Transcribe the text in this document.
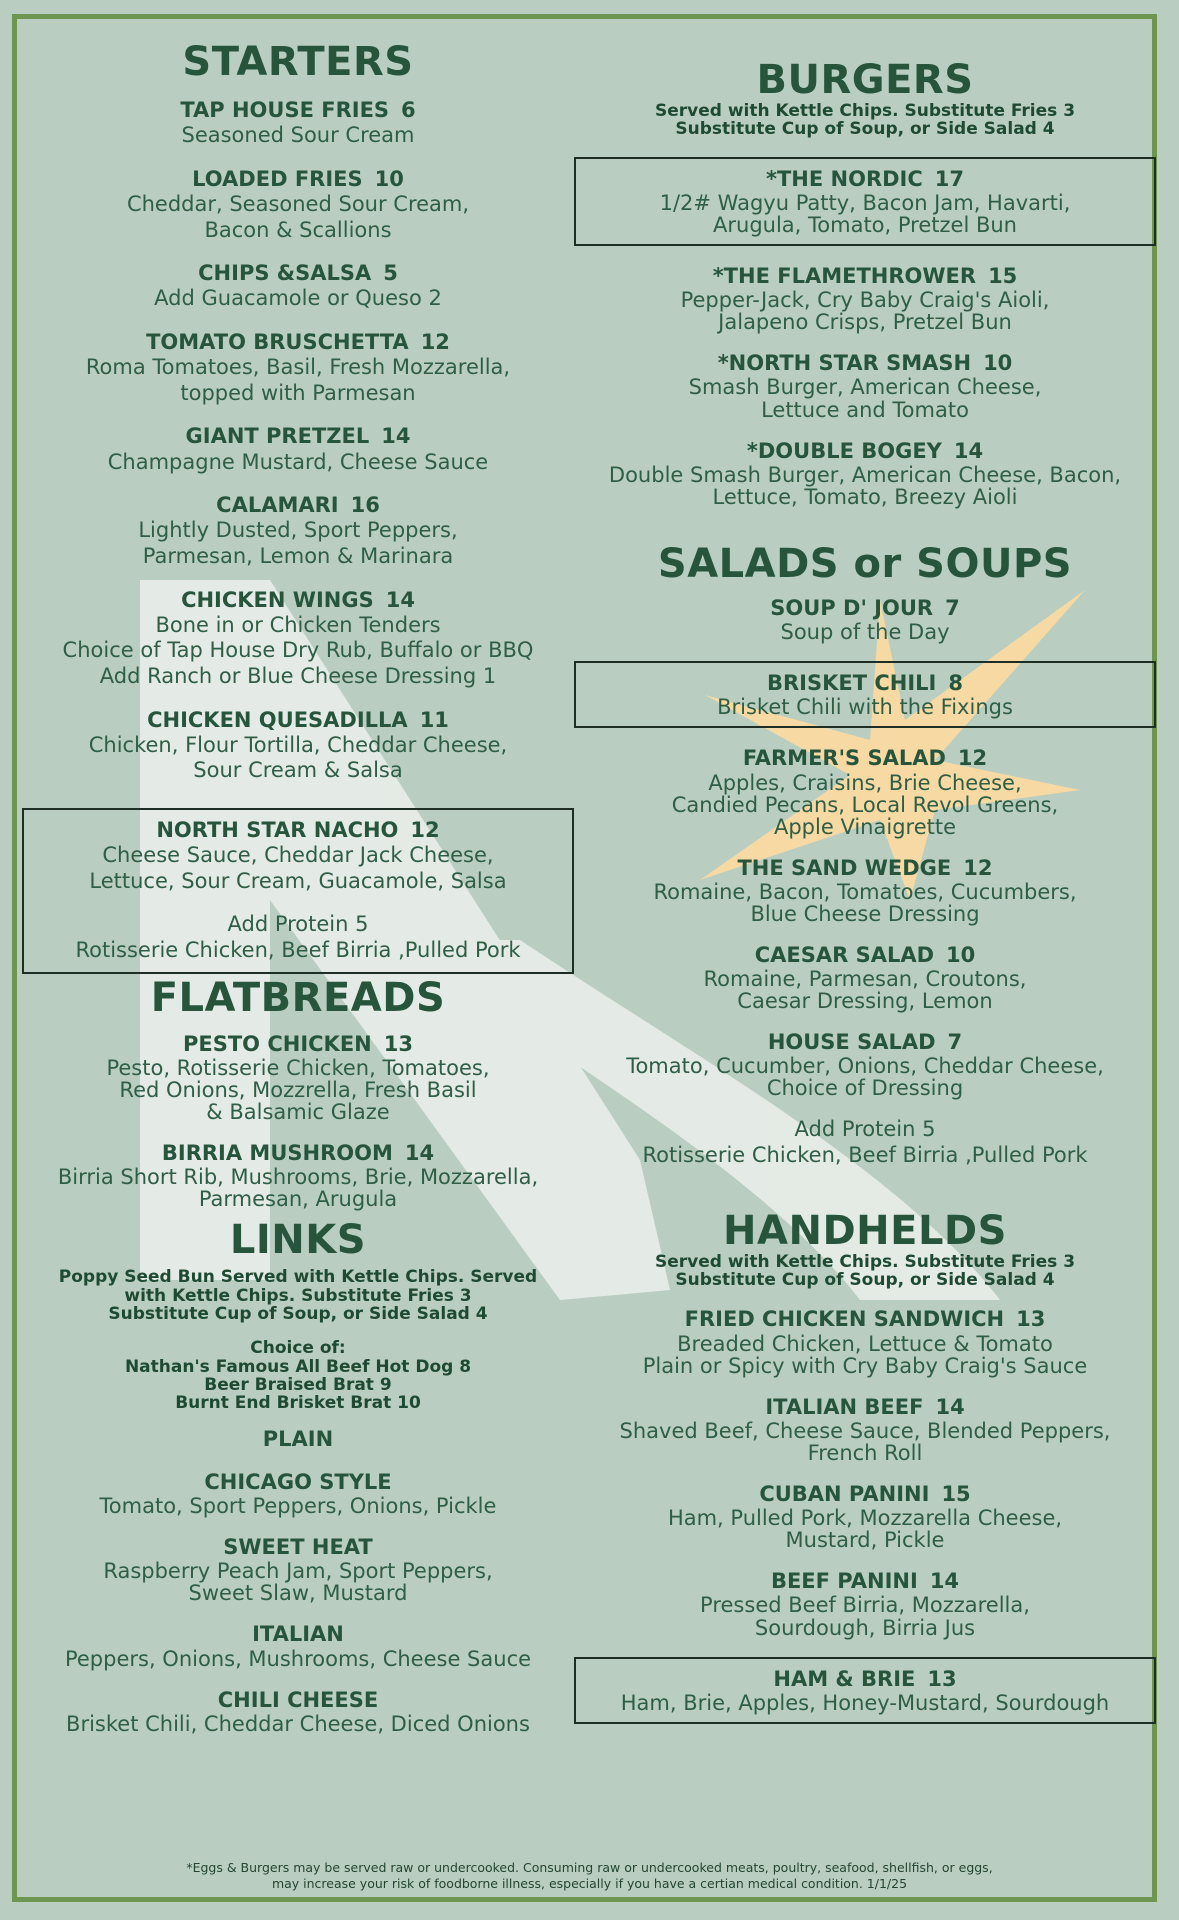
STARTERS
TAP HOUSE FRIES 6
Seasoned Sour Cream
LOADED FRIES 10
Cheddar, Seasoned Sour Cream,
Bacon & Scallions
CHIPS &SALSA 5
Add Guacamole or Queso 2
TOMATO BRUSCHETTA 12
Roma Tomatoes, Basil, Fresh Mozzarella,
topped with Parmesan
GIANT PRETZEL 14
Champagne Mustard, Cheese Sauce
CALAMARI 16
Lightly Dusted, Sport Peppers,
Parmesan, Lemon & Marinara
CHICKEN WINGS 14
Bone in or Chicken Tenders
Choice of Tap House Dry Rub, Buffalo or BBQ
Add Ranch or Blue Cheese Dressing 1
CHICKEN QUESADILLA 11
Chicken, Flour Tortilla, Cheddar Cheese,
Sour Cream & Salsa
NORTH STAR NACHO 12
Cheese Sauce, Cheddar Jack Cheese,
Lettuce, Sour Cream, Guacamole, Salsa
Add Protein 5
Rotisserie Chicken, Beef Birria ,Pulled Pork
FLATBREADS
PESTO CHICKEN 13
Pesto, Rotisserie Chicken, Tomatoes,
Red Onions, Mozzrella, Fresh Basil
& Balsamic Glaze
BIRRIA MUSHROOM 14
Birria Short Rib, Mushrooms, Brie, Mozzarella,
Parmesan, Arugula
LINKS
Poppy Seed Bun Served with Kettle Chips. Served
with Kettle Chips. Substitute Fries 3
Substitute Cup of Soup, or Side Salad 4
Choice of:
Nathan's Famous All Beef Hot Dog 8
Beer Braised Brat 9
Burnt End Brisket Brat 10
PLAIN
CHICAGO STYLE
Tomato, Sport Peppers, Onions, Pickle
SWEET HEAT
Raspberry Peach Jam, Sport Peppers,
Sweet Slaw, Mustard
ITALIAN
Peppers, Onions, Mushrooms, Cheese Sauce
CHILI CHEESE
Brisket Chili, Cheddar Cheese, Diced Onions
BURGERS
Served with Kettle Chips. Substitute Fries 3
Substitute Cup of Soup, or Side Salad 4
*THE NORDIC 17
1/2# Wagyu Patty, Bacon Jam, Havarti,
Arugula, Tomato, Pretzel Bun
*THE FLAMETHROWER 15
Pepper-Jack, Cry Baby Craig's Aioli,
Jalapeno Crisps, Pretzel Bun
*NORTH STAR SMASH 10
Smash Burger, American Cheese,
Lettuce and Tomato
*DOUBLE BOGEY 14
Double Smash Burger, American Cheese, Bacon,
Lettuce, Tomato, Breezy Aioli
SALADS or SOUPS
SOUP D' JOUR 7
Soup of the Day
BRISKET CHILI 8
Brisket Chili with the Fixings
FARMER'S SALAD 12
Apples, Craisins, Brie Cheese,
Candied Pecans, Local Revol Greens,
Apple Vinaigrette
THE SAND WEDGE 12
Romaine, Bacon, Tomatoes, Cucumbers,
Blue Cheese Dressing
CAESAR SALAD 10
Romaine, Parmesan, Croutons,
Caesar Dressing, Lemon
HOUSE SALAD 7
Tomato, Cucumber, Onions, Cheddar Cheese,
Choice of Dressing
Add Protein 5
Rotisserie Chicken, Beef Birria ,Pulled Pork
HANDHELDS
Served with Kettle Chips. Substitute Fries 3
Substitute Cup of Soup, or Side Salad 4
FRIED CHICKEN SANDWICH 13
Breaded Chicken, Lettuce & Tomato
Plain or Spicy with Cry Baby Craig's Sauce
ITALIAN BEEF 14
Shaved Beef, Cheese Sauce, Blended Peppers,
French Roll
CUBAN PANINI 15
Ham, Pulled Pork, Mozzarella Cheese,
Mustard, Pickle
BEEF PANINI 14
Pressed Beef Birria, Mozzarella,
Sourdough, Birria Jus
HAM & BRIE 13
Ham, Brie, Apples, Honey-Mustard, Sourdough
*Eggs & Burgers may be served raw or undercooked. Consuming raw or undercooked meats, poultry, seafood, shellfish, or eggs,
may increase your risk of foodborne illness, especially if you have a certian medical condition. 1/1/25
